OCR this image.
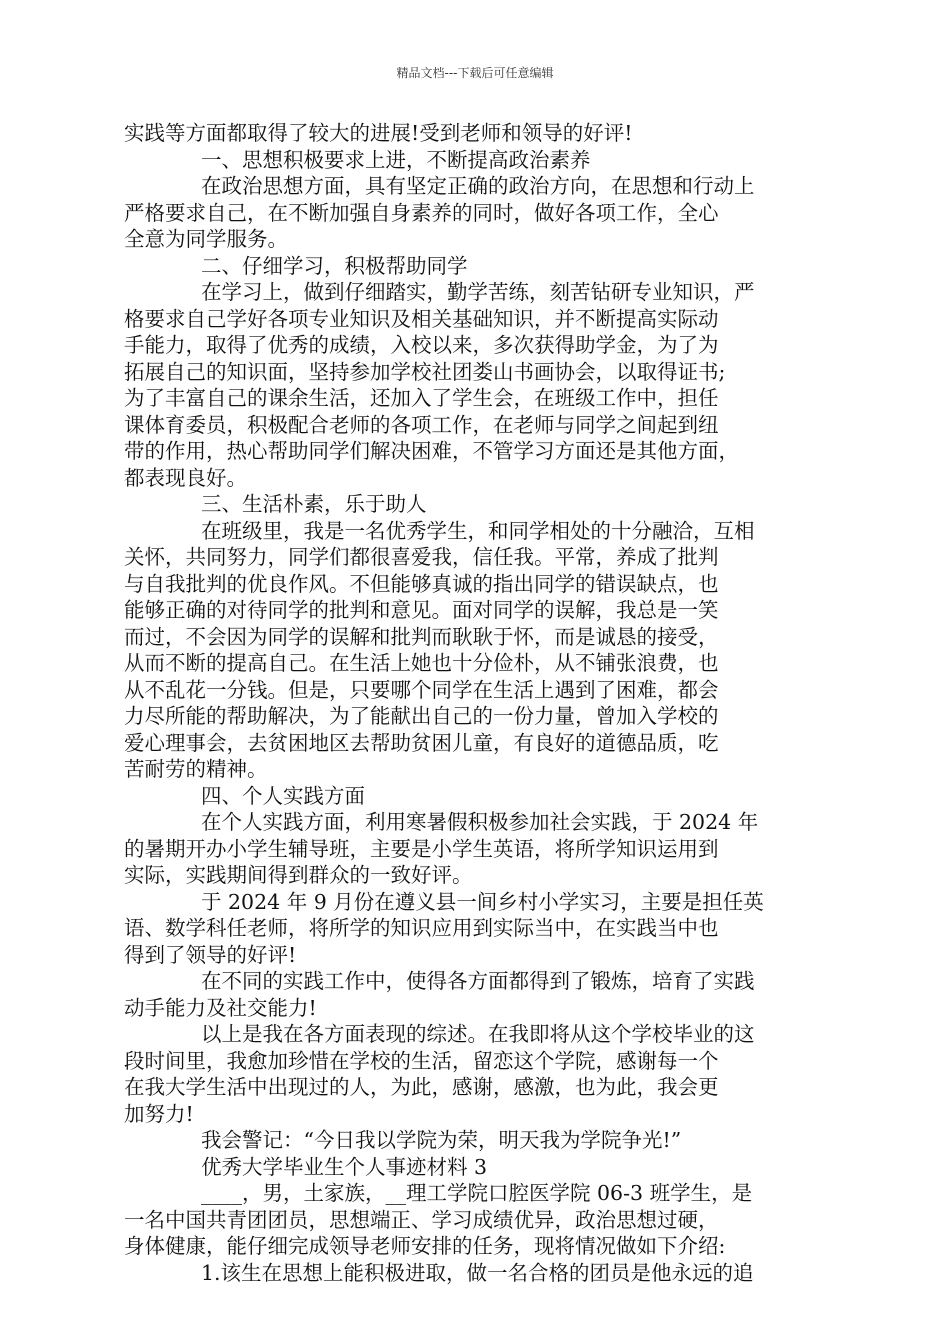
精品文档---下载后可任意编辑
实践等方面都取得了较大的进展!受到老师和领导的好评!
一、思想积极要求上进，不断提高政治素养
在政治思想方面，具有坚定正确的政治方向，在思想和行动上
严格要求自己，在不断加强自身素养的同时，做好各项工作，全心
全意为同学服务。
二、仔细学习，积极帮助同学
在学习上，做到仔细踏实，勤学苦练，刻苦钻研专业知识，严
格要求自己学好各项专业知识及相关基础知识，并不断提高实际动
手能力，取得了优秀的成绩，入校以来，多次获得助学金，为了为
拓展自己的知识面，坚持参加学校社团娄山书画协会，以取得证书;
为了丰富自己的课余生活，还加入了学生会，在班级工作中，担任
课体育委员，积极配合老师的各项工作，在老师与同学之间起到纽
带的作用，热心帮助同学们解决困难，不管学习方面还是其他方面，
都表现良好。
三、生活朴素，乐于助人
在班级里，我是一名优秀学生，和同学相处的十分融洽，互相
关怀，共同努力，同学们都很喜爱我，信任我。平常，养成了批判
与自我批判的优良作风。不但能够真诚的指出同学的错误缺点，也
能够正确的对待同学的批判和意见。面对同学的误解，我总是一笑
而过，不会因为同学的误解和批判而耿耿于怀，而是诚恳的接受，
从而不断的提高自己。在生活上她也十分俭朴，从不铺张浪费，也
从不乱花一分钱。但是，只要哪个同学在生活上遇到了困难，都会
力尽所能的帮助解决，为了能献出自己的一份力量，曾加入学校的
爱心理事会，去贫困地区去帮助贫困儿童，有良好的道德品质，吃
苦耐劳的精神。
四、个人实践方面
在个人实践方面，利用寒暑假积极参加社会实践，于 2024 年
的暑期开办小学生辅导班，主要是小学生英语，将所学知识运用到
实际，实践期间得到群众的一致好评。
于 2024 年 9 月份在遵义县一间乡村小学实习，主要是担任英
语、数学科任老师，将所学的知识应用到实际当中，在实践当中也
得到了领导的好评!
在不同的实践工作中，使得各方面都得到了锻炼，培育了实践
动手能力及社交能力!
以上是我在各方面表现的综述。在我即将从这个学校毕业的这
段时间里，我愈加珍惜在学校的生活，留恋这个学院，感谢每一个
在我大学生活中出现过的人，为此，感谢，感激，也为此，我会更
加努力!
我会警记：“今日我以学院为荣，明天我为学院争光!”
优秀大学毕业生个人事迹材料 3
____，男，土家族，__理工学院口腔医学院 06-3 班学生，是
一名中国共青团团员，思想端正、学习成绩优异，政治思想过硬，
身体健康，能仔细完成领导老师安排的任务，现将情况做如下介绍:
1.该生在思想上能积极进取，做一名合格的团员是他永远的追
